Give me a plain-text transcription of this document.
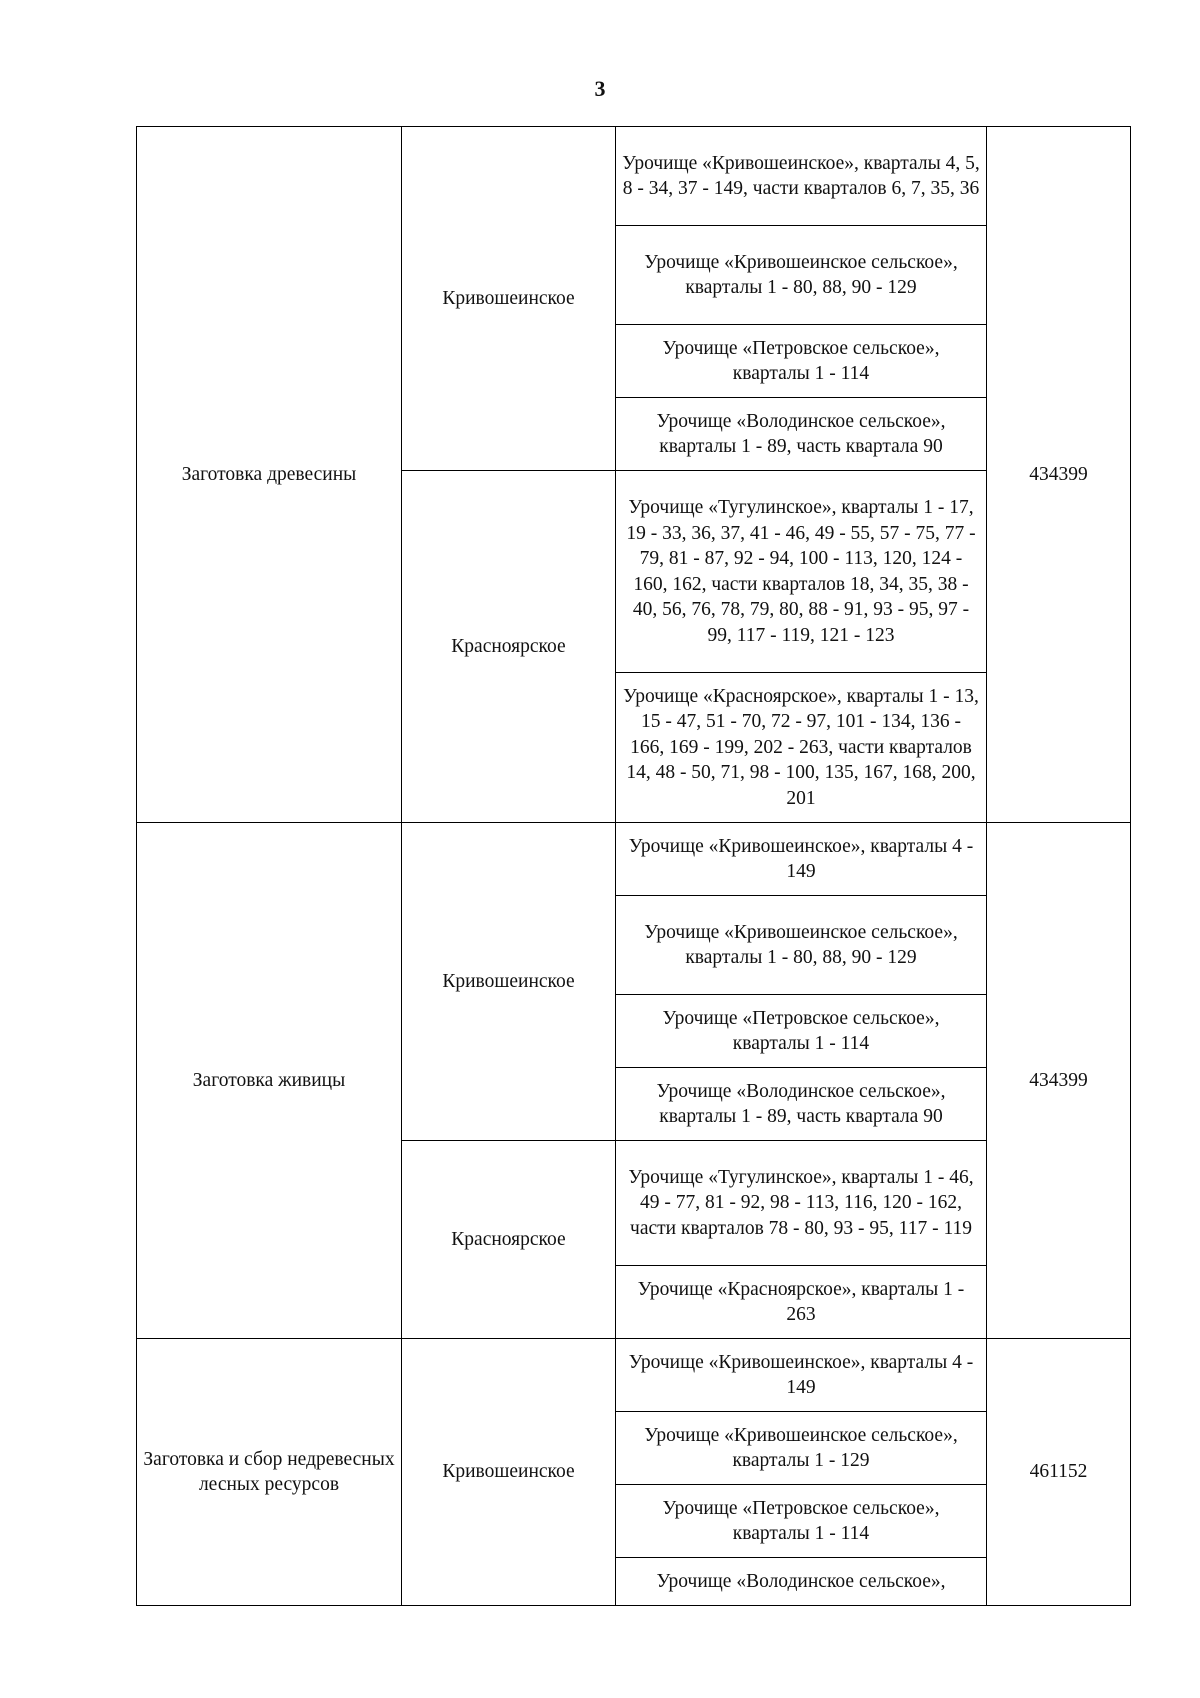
3
Заготовка древесины	Кривошеинское	Урочище «Кривошеинское», кварталы 4, 5, 8 - 34, 37 - 149, части кварталов 6, 7, 35, 36	434399
		Урочище «Кривошеинское сельское», кварталы 1 - 80, 88, 90 - 129	
		Урочище «Петровское сельское», кварталы 1 - 114	
		Урочище «Володинское сельское», кварталы 1 - 89, часть квартала 90	
	Красноярское	Урочище «Тугулинское», кварталы 1 - 17, 19 - 33, 36, 37, 41 - 46, 49 - 55, 57 - 75, 77 - 79, 81 - 87, 92 - 94, 100 - 113, 120, 124 - 160, 162, части кварталов 18, 34, 35, 38 - 40, 56, 76, 78, 79, 80, 88 - 91, 93 - 95, 97 - 99, 117 - 119, 121 - 123	
		Урочище «Красноярское», кварталы 1 - 13, 15 - 47, 51 - 70, 72 - 97, 101 - 134, 136 - 166, 169 - 199, 202 - 263, части кварталов 14, 48 - 50, 71, 98 - 100, 135, 167, 168, 200, 201	
Заготовка живицы	Кривошеинское	Урочище «Кривошеинское», кварталы 4 - 149	434399
		Урочище «Кривошеинское сельское», кварталы 1 - 80, 88, 90 - 129	
		Урочище «Петровское сельское», кварталы 1 - 114	
		Урочище «Володинское сельское», кварталы 1 - 89, часть квартала 90	
	Красноярское	Урочище «Тугулинское», кварталы 1 - 46, 49 - 77, 81 - 92, 98 - 113, 116, 120 - 162, части кварталов 78 - 80, 93 - 95, 117 - 119	
		Урочище «Красноярское», кварталы 1 - 263	
Заготовка и сбор недревесных лесных ресурсов	Кривошеинское	Урочище «Кривошеинское», кварталы 4 - 149	461152
		Урочище «Кривошеинское сельское», кварталы 1 - 129	
		Урочище «Петровское сельское», кварталы 1 - 114	
		Урочище «Володинское сельское»,	
